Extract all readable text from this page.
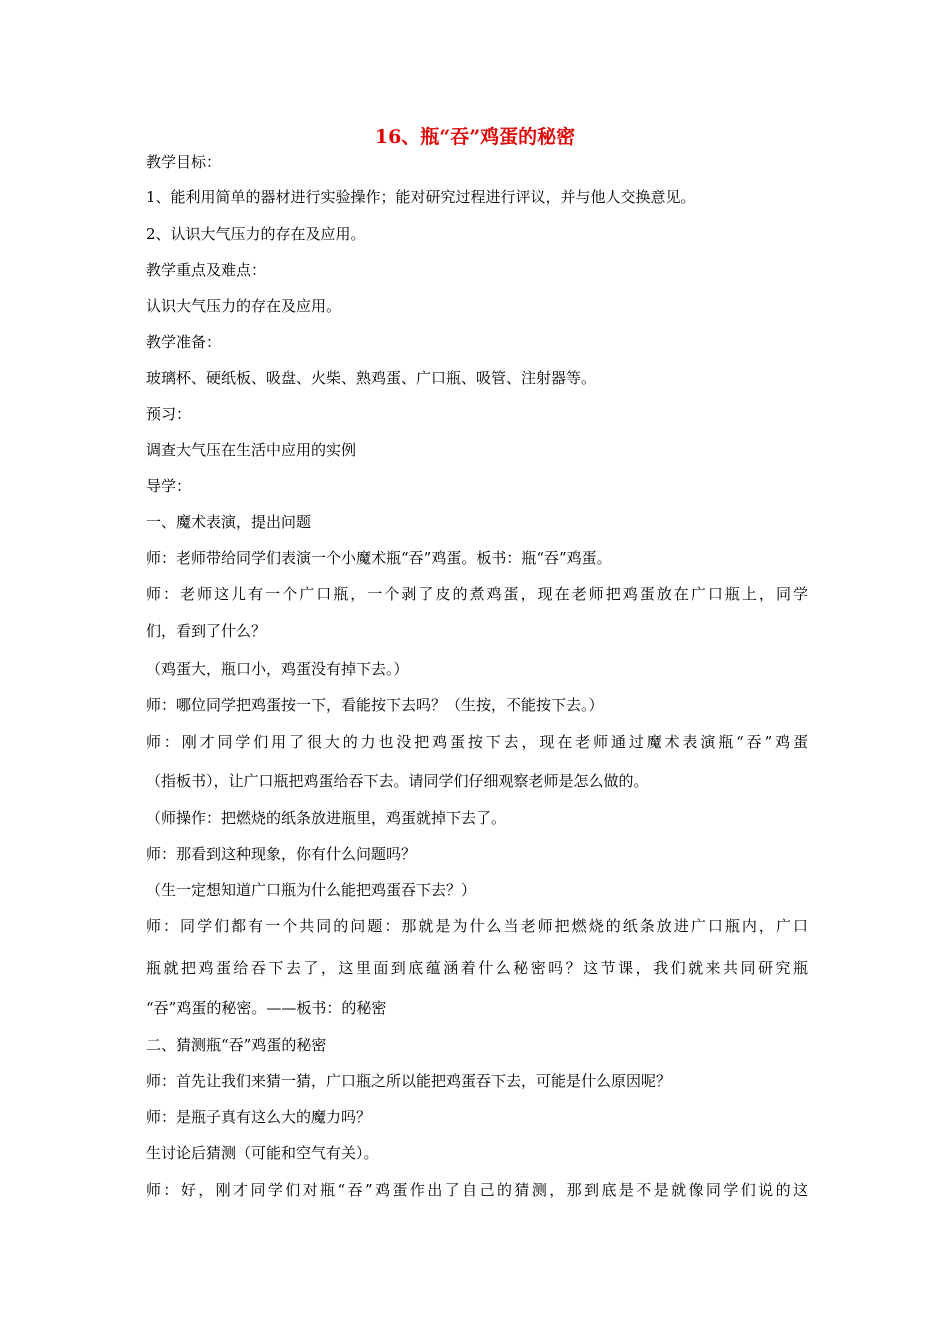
16、瓶“吞”鸡蛋的秘密
教学目标：
1、能利用简单的器材进行实验操作；能对研究过程进行评议，并与他人交换意见。
2、认识大气压力的存在及应用。
教学重点及难点：
认识大气压力的存在及应用。
教学准备：
玻璃杯、硬纸板、吸盘、火柴、熟鸡蛋、广口瓶、吸管、注射器等。
预习：
调查大气压在生活中应用的实例
导学：
一、魔术表演，提出问题
师：老师带给同学们表演一个小魔术瓶“吞”鸡蛋。板书：瓶“吞”鸡蛋。
师：老师这儿有一个广口瓶，一个剥了皮的煮鸡蛋，现在老师把鸡蛋放在广口瓶上，同学
们，看到了什么？
（鸡蛋大，瓶口小，鸡蛋没有掉下去。）
师：哪位同学把鸡蛋按一下，看能按下去吗？（生按，不能按下去。）
师：刚才同学们用了很大的力也没把鸡蛋按下去，现在老师通过魔术表演瓶“吞”鸡蛋
（指板书），让广口瓶把鸡蛋给吞下去。请同学们仔细观察老师是怎么做的。
（师操作：把燃烧的纸条放进瓶里，鸡蛋就掉下去了。
师：那看到这种现象，你有什么问题吗？
（生一定想知道广口瓶为什么能把鸡蛋吞下去？）
师：同学们都有一个共同的问题：那就是为什么当老师把燃烧的纸条放进广口瓶内，广口
瓶就把鸡蛋给吞下去了，这里面到底蕴涵着什么秘密吗？这节课，我们就来共同研究瓶
“吞”鸡蛋的秘密。——板书：的秘密
二、猜测瓶“吞”鸡蛋的秘密
师：首先让我们来猜一猜，广口瓶之所以能把鸡蛋吞下去，可能是什么原因呢？
师：是瓶子真有这么大的魔力吗？
生讨论后猜测（可能和空气有关）。
师：好，刚才同学们对瓶“吞”鸡蛋作出了自己的猜测，那到底是不是就像同学们说的这
